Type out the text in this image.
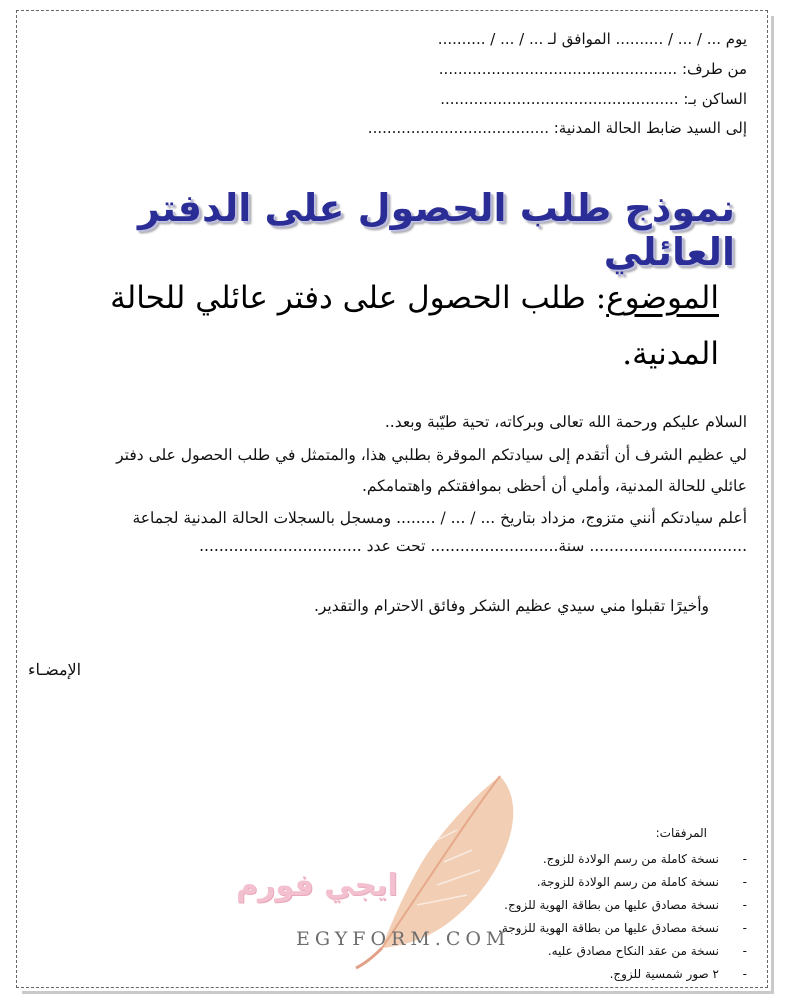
يوم ... / ... / .......... الموافق لـ ... / ... / ..........
من طرف: ..................................................
الساكن بـ: ..................................................
إلى السيد ضابط الحالة المدنية: ......................................
نموذج طلب الحصول على الدفتر العائلي
الموضوع: طلب الحصول على دفتر عائلي للحالة المدنية.
السلام عليكم ورحمة الله تعالى وبركاته، تحية طيّبة وبعد..
لي عظيم الشرف أن أتقدم إلى سيادتكم الموقرة بطلبي هذا، والمتمثل في طلب الحصول على دفتر
عائلي للحالة المدنية، وأملي أن أحظى بموافقتكم واهتمامكم.
أعلم سيادتكم أنني متزوج، مزداد بتاريخ ... / ... / ........ ومسجل بالسجلات الحالة المدنية لجماعة
................................ سنة.......................... تحت عدد .................................
وأخيرًا تقبلوا مني سيدي عظيم الشكر وفائق الاحترام والتقدير.
الإمضـاء
ايجي فورم
EGYFORM.COM
المرفقات:
- نسخة كاملة من رسم الولادة للزوج.
- نسخة كاملة من رسم الولادة للزوجة.
- نسخة مصادق عليها من بطاقة الهوية للزوج.
- نسخة مصادق عليها من بطاقة الهوية للزوجة.
- نسخة من عقد النكاح مصادق عليه.
- ٢ صور شمسية للزوج.
